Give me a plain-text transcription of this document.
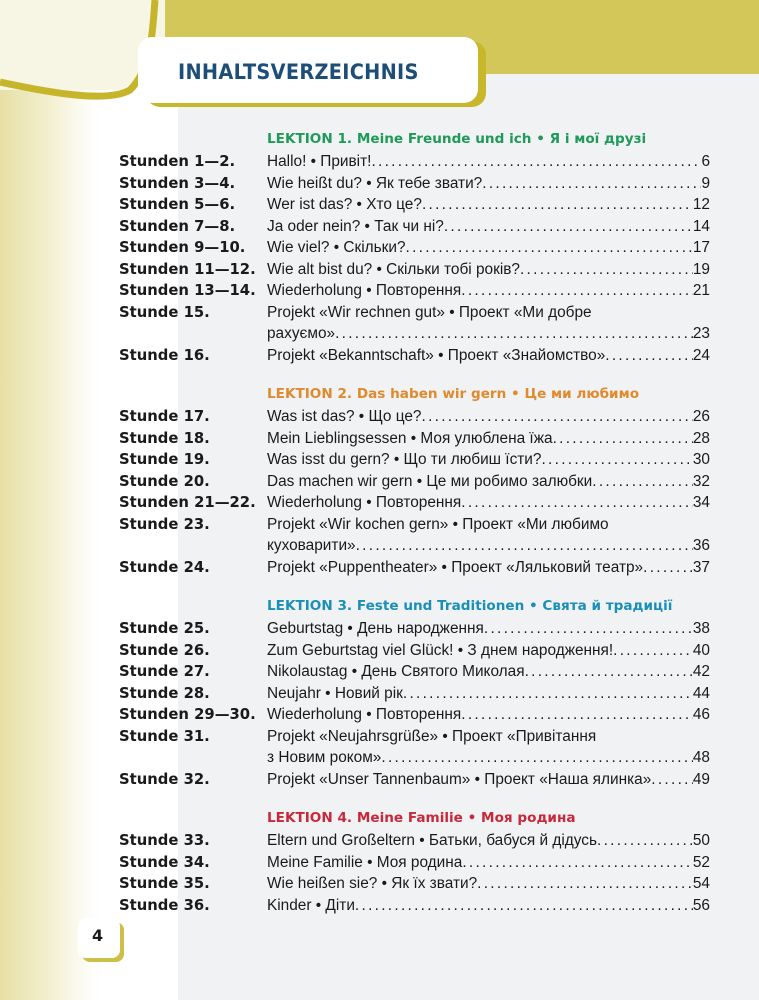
INHALTSVERZEICHNIS
LEKTION 1. Meine Freunde und ich • Я і мої друзі
Stunden 1—2. Hallo! • Привіт! .....	6
Stunden 3—4. Wie heißt du? • Як тебе звати? .....	9
Stunden 5—6. Wer ist das? • Хто це? .....	12
Stunden 7—8. Ja oder nein? • Так чи ні? .....	14
Stunden 9—10. Wie viel? • Скільки? .....	17
Stunden 11—12. Wie alt bist du? • Скільки тобі років? .....	19
Stunden 13—14. Wiederholung • Повторення .....	21
Stunde 15.	Projekt «Wir rechnen gut» • Проект «Ми добре
рахуємо» .....	23
Stunde 16.	Projekt «Bekanntschaft» • Проект «Знайомство» .....	24
LEKTION 2. Das haben wir gern • Це ми любимо
Stunde 17.	Was ist das? • Що це? .....	26
Stunde 18.	Mein Lieblingsessen • Моя улюблена їжа .....	28
Stunde 19.	Was isst du gern? • Що ти любиш їсти? .....	30
Stunde 20.	Das machen wir gern • Це ми робимо залюбки .....	32
Stunden 21—22. Wiederholung • Повторення .....	34
Stunde 23.	Projekt «Wir kochen gern» • Проект «Ми любимо
куховарити» .....	36
Stunde 24.	Projekt «Puppentheater» • Проект «Ляльковий театр» .....	37
LEKTION 3. Feste und Traditionen • Свята й традиції
Stunde 25.	Geburtstag • День народження .....	38
Stunde 26.	Zum Geburtstag viel Glück! • З днем народження! .....	40
Stunde 27.	Nikolaustag • День Святого Миколая .....	42
Stunde 28.	Neujahr • Новий рік .....	44
Stunden 29—30. Wiederholung • Повторення .....	46
Stunde 31.	Projekt «Neujahrsgrüße» • Проект «Привітання
з Новим роком» .....	48
Stunde 32.	Projekt «Unser Tannenbaum» • Проект «Наша ялинка» .....	49
LEKTION 4. Meine Familie • Моя родина
Stunde 33.	Eltern und Großeltern • Батьки, бабуся й дідусь .....	50
Stunde 34.	Meine Familie • Моя родина .....	52
Stunde 35.	Wie heißen sie? • Як їх звати? .....	54
Stunde 36.	Kinder • Діти .....	56
4
